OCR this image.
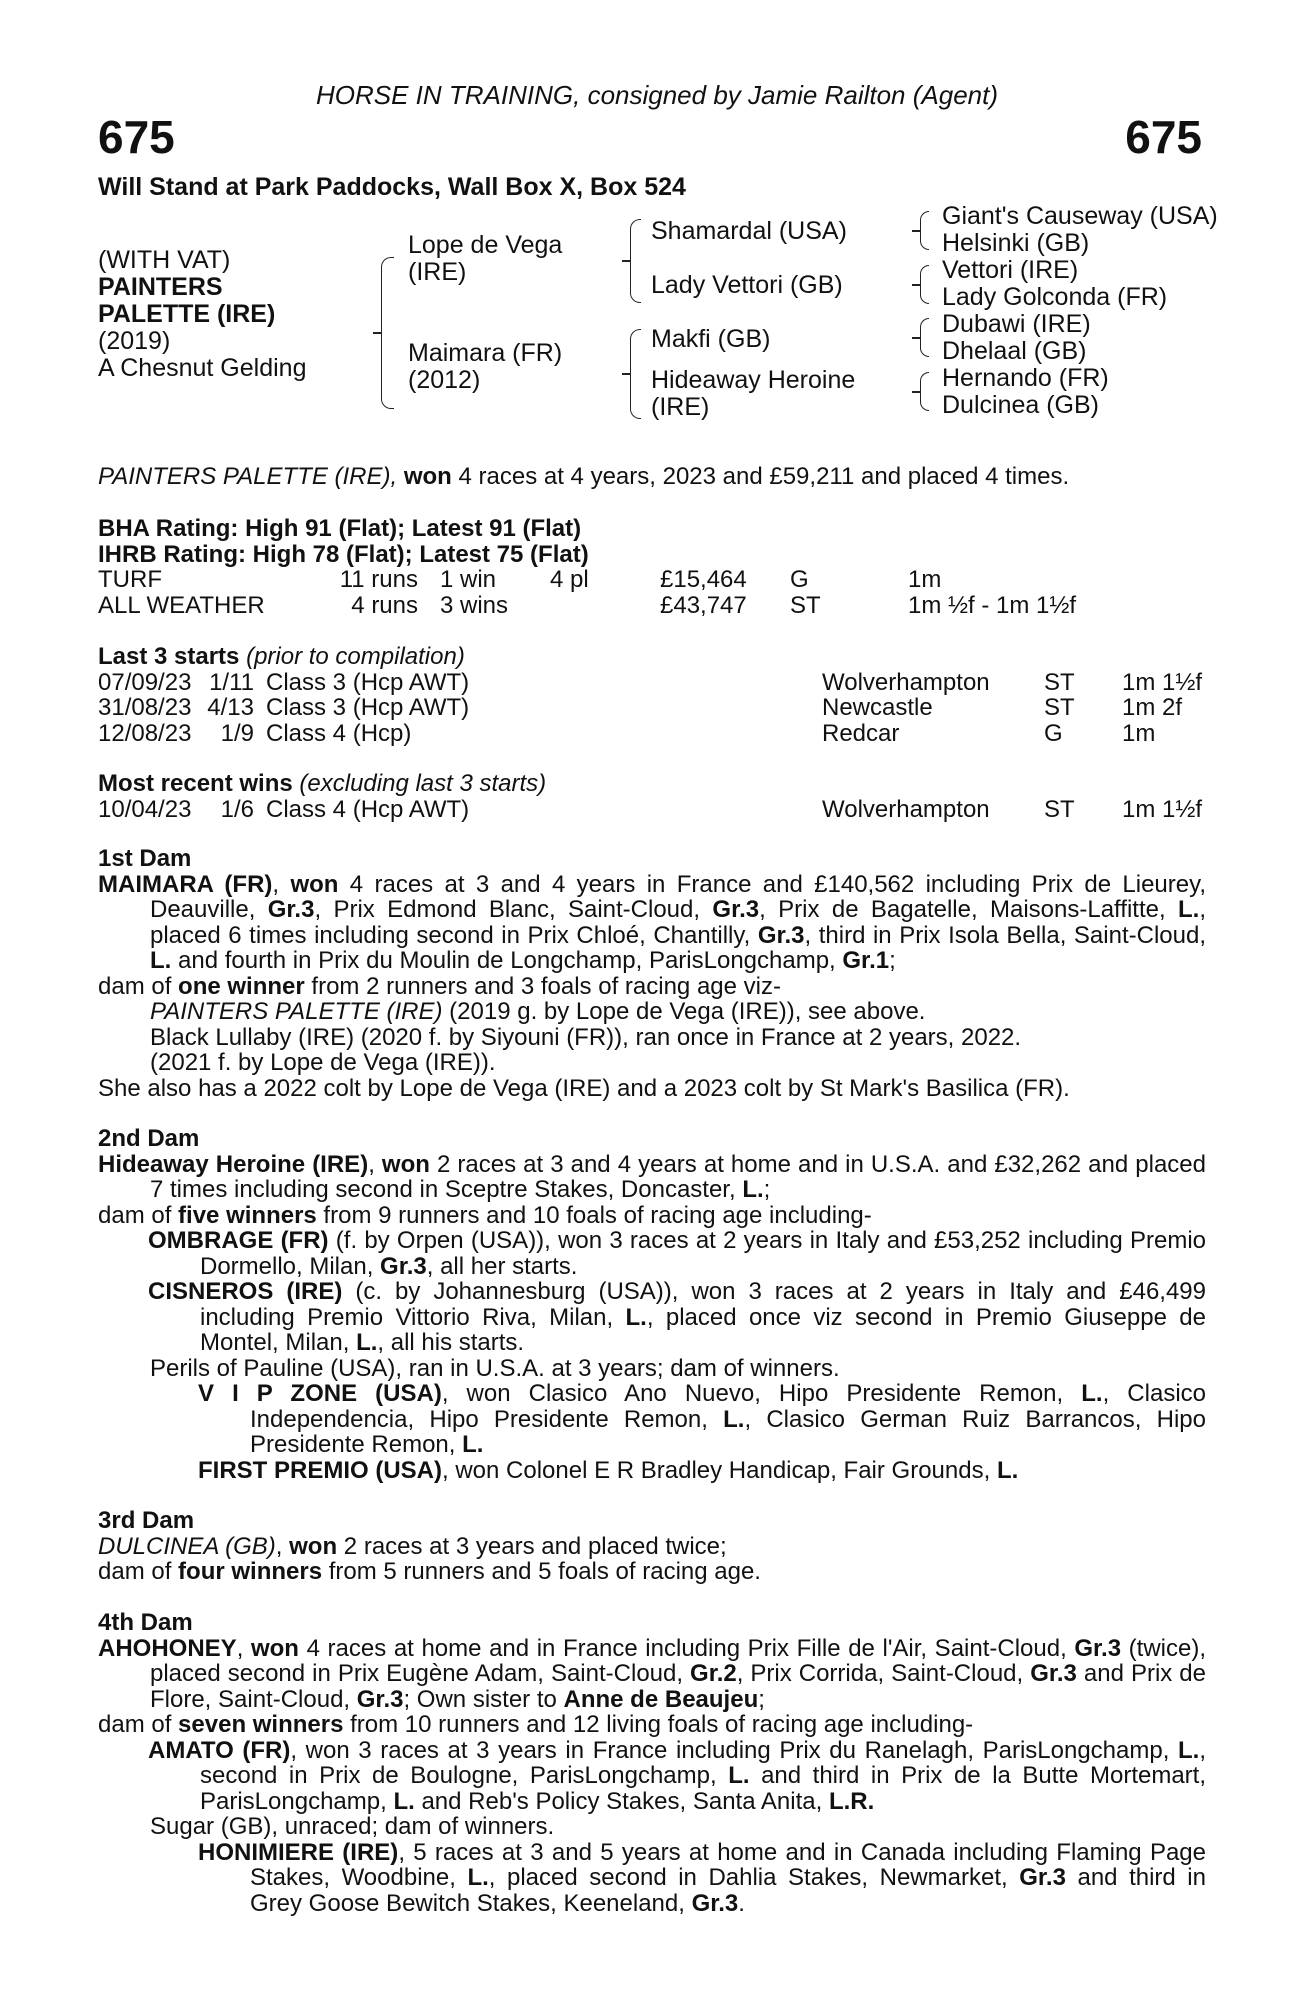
HORSE IN TRAINING, consigned by Jamie Railton (Agent)
675	675
Will Stand at Park Paddocks, Wall Box X, Box 524
(WITH VAT)
PAINTERS
PALETTE (IRE)
(2019)
A Chesnut Gelding
Lope de Vega (IRE)
Maimara (FR) (2012)
Shamardal (USA)
Lady Vettori (GB)
Makfi (GB)
Hideaway Heroine (IRE)
Giant's Causeway (USA)
Helsinki (GB)
Vettori (IRE)
Lady Golconda (FR)
Dubawi (IRE)
Dhelaal (GB)
Hernando (FR)
Dulcinea (GB)
PAINTERS PALETTE (IRE), won 4 races at 4 years, 2023 and £59,211 and placed 4 times.
BHA Rating: High 91 (Flat); Latest 91 (Flat)
IHRB Rating: High 78 (Flat); Latest 75 (Flat)
TURF	11 runs 1 win	4 pl	£15,464	G	1m
ALL WEATHER	4 runs 3 wins	£43,747	ST	1m ½f - 1m 1½f
Last 3 starts (prior to compilation)
07/09/23 1/11 Class 3 (Hcp AWT)	Wolverhampton	ST	1m 1½f
31/08/23 4/13 Class 3 (Hcp AWT)	Newcastle	ST	1m 2f
12/08/23	1/9 Class 4 (Hcp)	Redcar	G	1m
Most recent wins (excluding last 3 starts)
10/04/23	1/6 Class 4 (Hcp AWT)	Wolverhampton	ST	1m 1½f
1st Dam

MAIMARA (FR), won 4 races at 3 and 4 years in France and £140,562 including Prix de Lieurey, Deauville, Gr.3, Prix Edmond Blanc, Saint-Cloud, Gr.3, Prix de Bagatelle, Maisons-Laffitte, L., placed 6 times including second in Prix Chloé, Chantilly, Gr.3, third in Prix Isola Bella, Saint-Cloud, L. and fourth in Prix du Moulin de Longchamp, ParisLongchamp, Gr.1;

dam of one winner from 2 runners and 3 foals of racing age viz-

PAINTERS PALETTE (IRE) (2019 g. by Lope de Vega (IRE)), see above.

Black Lullaby (IRE) (2020 f. by Siyouni (FR)), ran once in France at 2 years, 2022.

(2021 f. by Lope de Vega (IRE)).

She also has a 2022 colt by Lope de Vega (IRE) and a 2023 colt by St Mark's Basilica (FR).

2nd Dam

Hideaway Heroine (IRE), won 2 races at 3 and 4 years at home and in U.S.A. and £32,262 and placed 7 times including second in Sceptre Stakes, Doncaster, L.;

dam of five winners from 9 runners and 10 foals of racing age including-

OMBRAGE (FR) (f. by Orpen (USA)), won 3 races at 2 years in Italy and £53,252 including Premio Dormello, Milan, Gr.3, all her starts.

CISNEROS (IRE) (c. by Johannesburg (USA)), won 3 races at 2 years in Italy and £46,499 including Premio Vittorio Riva, Milan, L., placed once viz second in Premio Giuseppe de Montel, Milan, L., all his starts.

Perils of Pauline (USA), ran in U.S.A. at 3 years; dam of winners.

V I P ZONE (USA), won Clasico Ano Nuevo, Hipo Presidente Remon, L., Clasico Independencia, Hipo Presidente Remon, L., Clasico German Ruiz Barrancos, Hipo Presidente Remon, L.

FIRST PREMIO (USA), won Colonel E R Bradley Handicap, Fair Grounds, L.

3rd Dam

DULCINEA (GB), won 2 races at 3 years and placed twice;

dam of four winners from 5 runners and 5 foals of racing age.

4th Dam

AHOHONEY, won 4 races at home and in France including Prix Fille de l'Air, Saint-Cloud, Gr.3 (twice), placed second in Prix Eugène Adam, Saint-Cloud, Gr.2, Prix Corrida, Saint-Cloud, Gr.3 and Prix de Flore, Saint-Cloud, Gr.3; Own sister to Anne de Beaujeu;

dam of seven winners from 10 runners and 12 living foals of racing age including-

AMATO (FR), won 3 races at 3 years in France including Prix du Ranelagh, ParisLongchamp, L., second in Prix de Boulogne, ParisLongchamp, L. and third in Prix de la Butte Mortemart, ParisLongchamp, L. and Reb's Policy Stakes, Santa Anita, L.R.

Sugar (GB), unraced; dam of winners.

HONIMIERE (IRE), 5 races at 3 and 5 years at home and in Canada including Flaming Page Stakes, Woodbine, L., placed second in Dahlia Stakes, Newmarket, Gr.3 and third in Grey Goose Bewitch Stakes, Keeneland, Gr.3.
